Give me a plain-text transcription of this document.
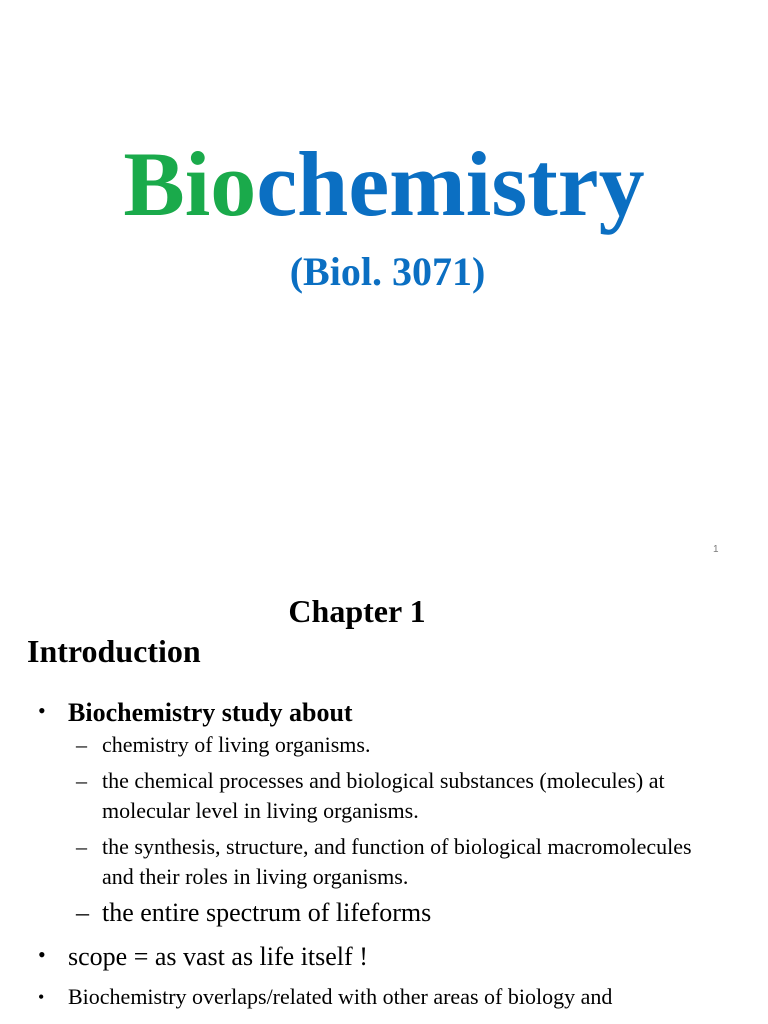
Biochemistry
(Biol. 3071)
1
Chapter 1
Introduction
• Biochemistry study about
– chemistry of living organisms.
– the chemical processes and biological substances (molecules) at molecular level in living organisms.
– the synthesis, structure, and function of biological macromolecules and their roles in living organisms.
– the entire spectrum of lifeforms
• scope = as vast as life itself !
• Biochemistry overlaps/related with other areas of biology and
